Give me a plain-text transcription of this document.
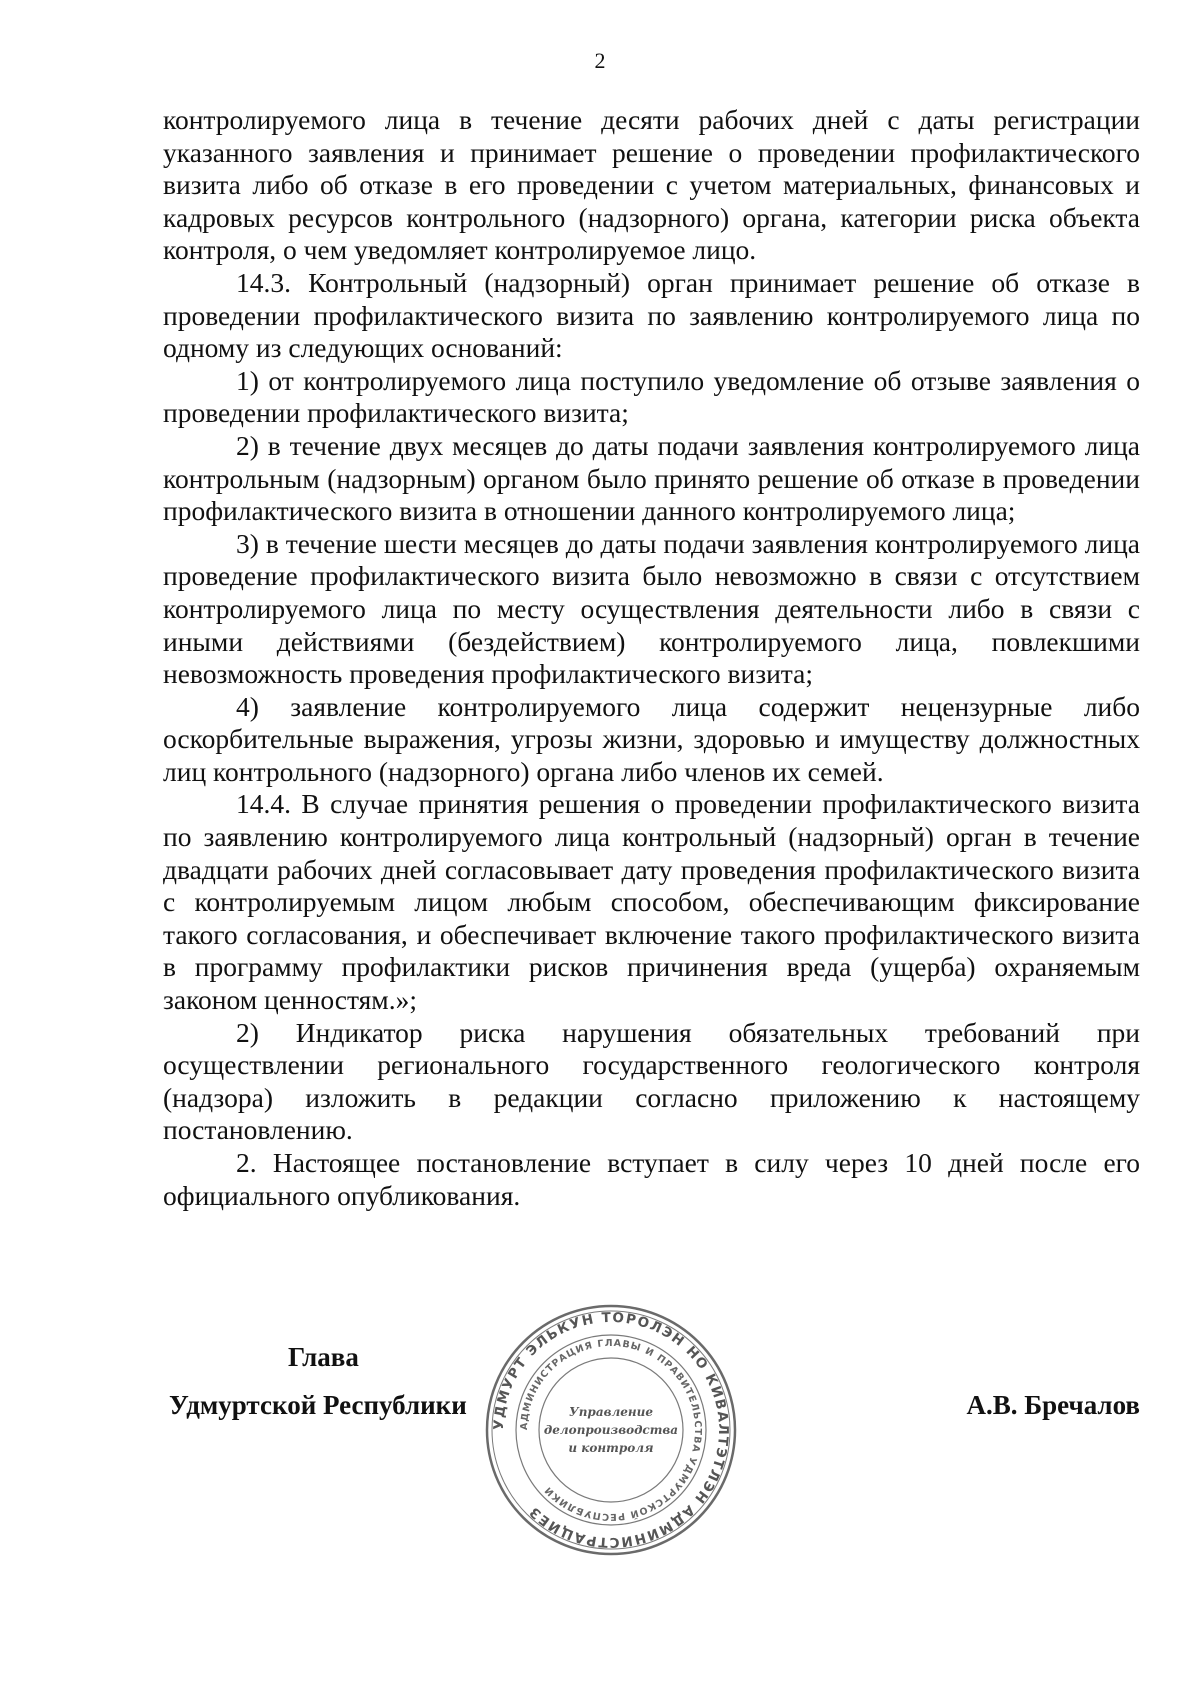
2

контролируемого лица в течение десяти рабочих дней с даты регистрации указанного заявления и принимает решение о проведении профилактического визита либо об отказе в его проведении с учетом материальных, финансовых и кадровых ресурсов контрольного (надзорного) органа, категории риска объекта контроля, о чем уведомляет контролируемое лицо.

14.3. Контрольный (надзорный) орган принимает решение об отказе в проведении профилактического визита по заявлению контролируемого лица по одному из следующих оснований:

1) от контролируемого лица поступило уведомление об отзыве заявления о проведении профилактического визита;

2) в течение двух месяцев до даты подачи заявления контролируемого лица контрольным (надзорным) органом было принято решение об отказе в проведении профилактического визита в отношении данного контролируемого лица;

3) в течение шести месяцев до даты подачи заявления контролируемого лица проведение профилактического визита было невозможно в связи с отсутствием контролируемого лица по месту осуществления деятельности либо в связи с иными действиями (бездействием) контролируемого лица, повлекшими невозможность проведения профилактического визита;

4) заявление контролируемого лица содержит нецензурные либо оскорбительные выражения, угрозы жизни, здоровью и имуществу должностных лиц контрольного (надзорного) органа либо членов их семей.

14.4. В случае принятия решения о проведении профилактического визита по заявлению контролируемого лица контрольный (надзорный) орган в течение двадцати рабочих дней согласовывает дату проведения профилактического визита с контролируемым лицом любым способом, обеспечивающим фиксирование такого согласования, и обеспечивает включение такого профилактического визита в программу профилактики рисков причинения вреда (ущерба) охраняемым законом ценностям.»;

2) Индикатор риска нарушения обязательных требований при осуществлении регионального государственного геологического контроля (надзора) изложить в редакции согласно приложению к настоящему постановлению.

2. Настоящее постановление вступает в силу через 10 дней после его официального опубликования.

Глава
Удмуртской Республики
УДМУРТ ЭЛЬКУН ТОРОЛЭН НО КИВАЛТЭТЛЭН АДМИНИСТРАЦИЕЗ
АДМИНИСТРАЦИЯ ГЛАВЫ И ПРАВИТЕЛЬСТВА УДМУРТСКОЙ РЕСПУБЛИКИ
Управление
делопроизводства
и контроля
А.В. Бречалов
